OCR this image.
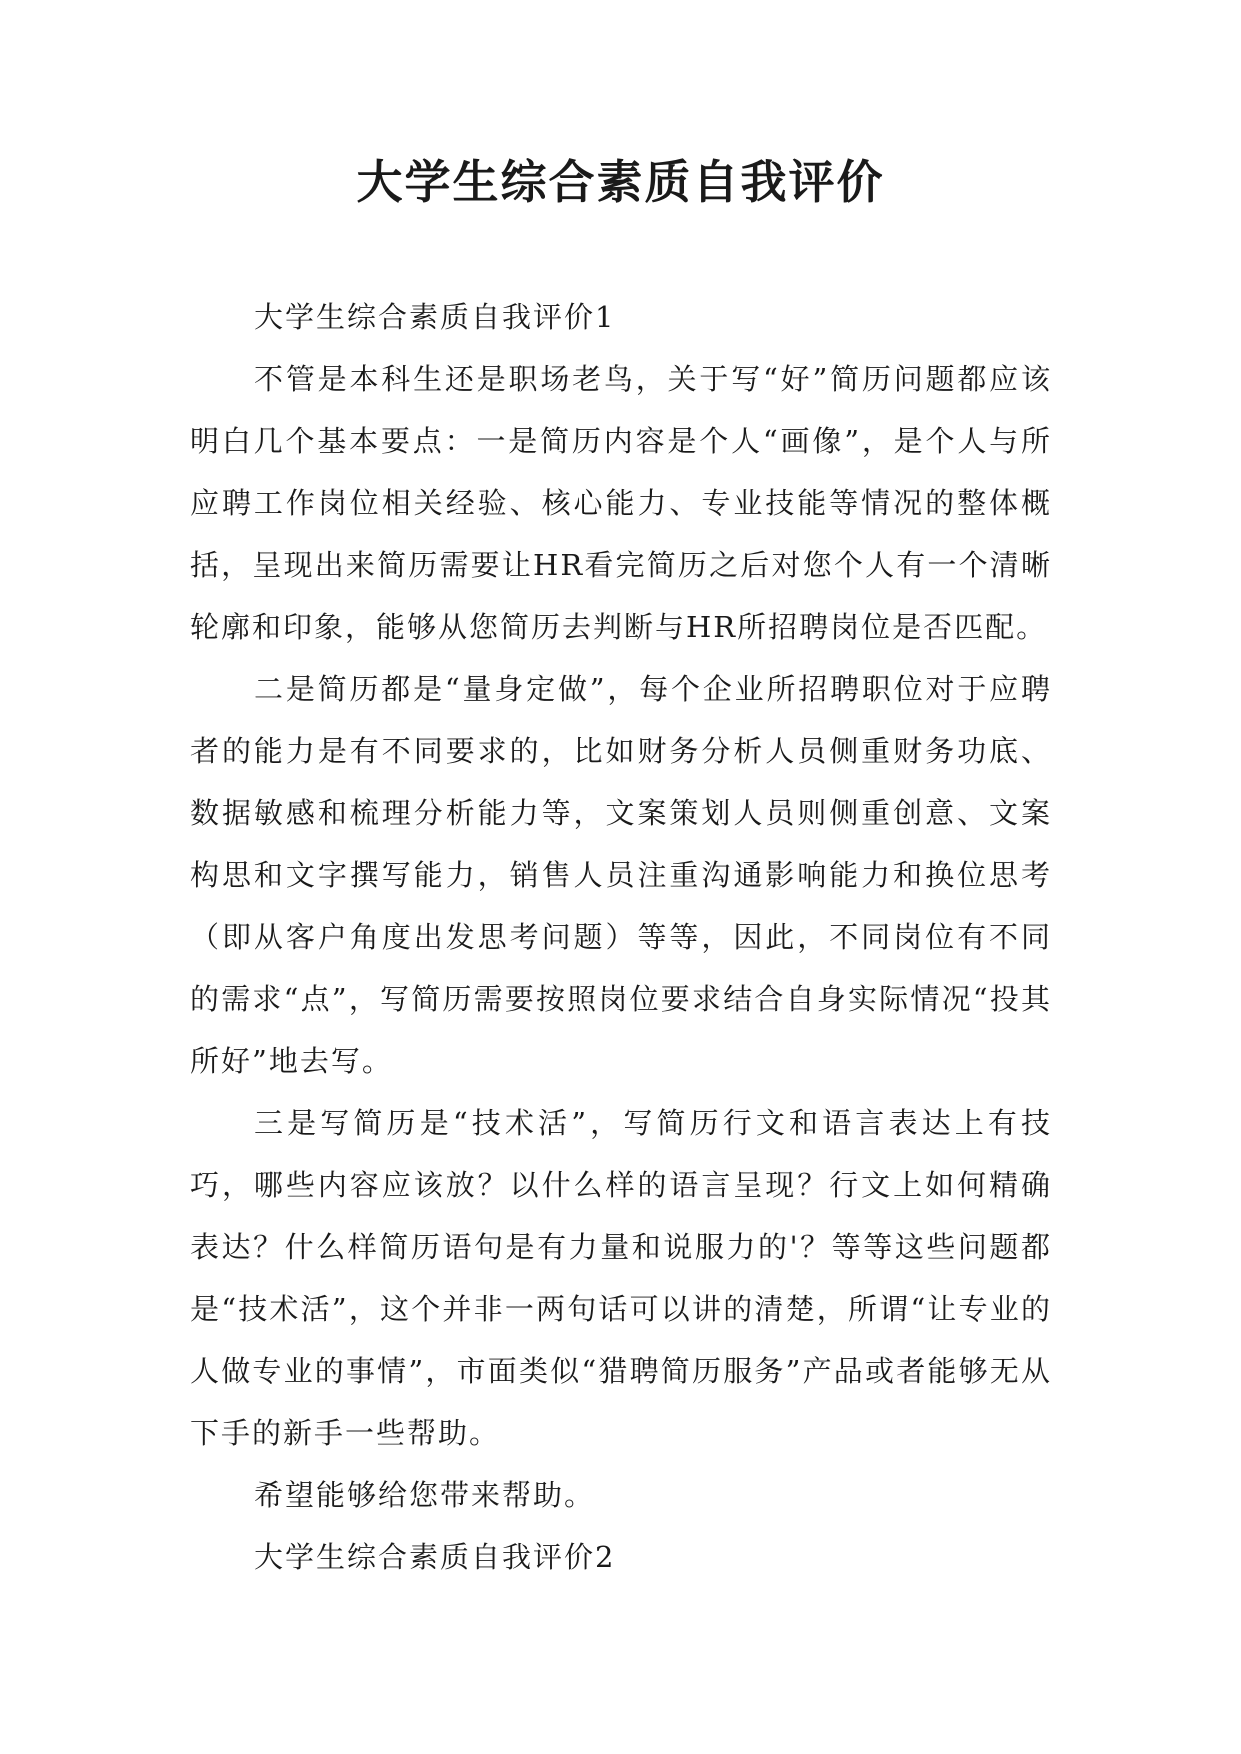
大学生综合素质自我评价

大学生综合素质自我评价1

不管是本科生还是职场老鸟，关于写“好”简历问题都应该明白几个基本要点：一是简历内容是个人“画像”，是个人与所应聘工作岗位相关经验、核心能力、专业技能等情况的整体概括，呈现出来简历需要让HR看完简历之后对您个人有一个清晰轮廓和印象，能够从您简历去判断与HR所招聘岗位是否匹配。

二是简历都是“量身定做”，每个企业所招聘职位对于应聘者的能力是有不同要求的，比如财务分析人员侧重财务功底、数据敏感和梳理分析能力等，文案策划人员则侧重创意、文案构思和文字撰写能力，销售人员注重沟通影响能力和换位思考（即从客户角度出发思考问题）等等，因此，不同岗位有不同的需求“点”，写简历需要按照岗位要求结合自身实际情况“投其所好”地去写。

三是写简历是“技术活”，写简历行文和语言表达上有技巧，哪些内容应该放？以什么样的语言呈现？行文上如何精确表达？什么样简历语句是有力量和说服力的'？等等这些问题都是“技术活”，这个并非一两句话可以讲的清楚，所谓“让专业的人做专业的事情”，市面类似“猎聘简历服务”产品或者能够无从下手的新手一些帮助。

希望能够给您带来帮助。

大学生综合素质自我评价2
